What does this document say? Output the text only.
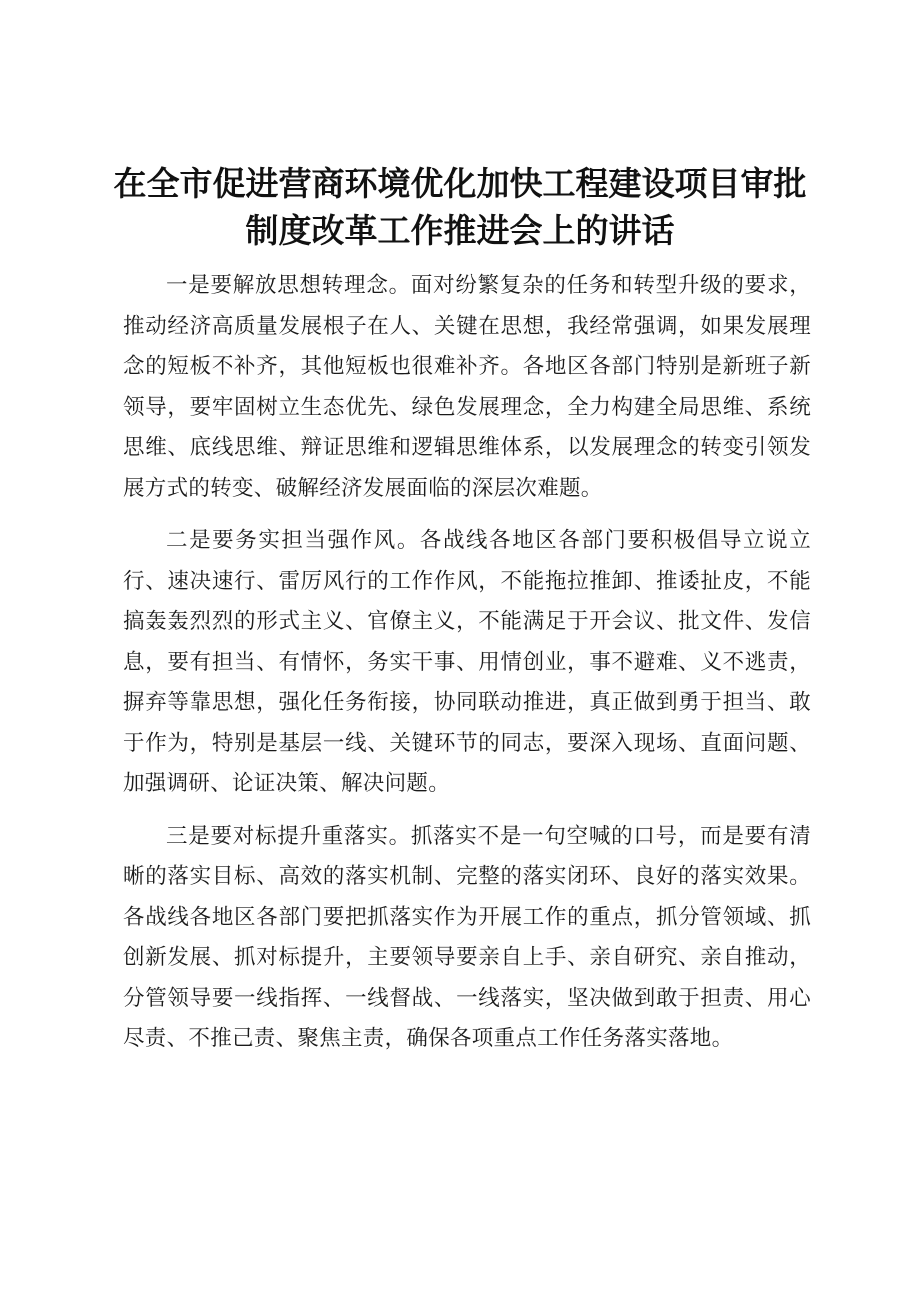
在全市促进营商环境优化加快工程建设项目审批制度改革工作推进会上的讲话

一是要解放思想转理念。面对纷繁复杂的任务和转型升级的要求，推动经济高质量发展根子在人、关键在思想，我经常强调，如果发展理念的短板不补齐，其他短板也很难补齐。各地区各部门特别是新班子新领导，要牢固树立生态优先、绿色发展理念，全力构建全局思维、系统思维、底线思维、辩证思维和逻辑思维体系，以发展理念的转变引领发展方式的转变、破解经济发展面临的深层次难题。

二是要务实担当强作风。各战线各地区各部门要积极倡导立说立行、速决速行、雷厉风行的工作作风，不能拖拉推卸、推诿扯皮，不能搞轰轰烈烈的形式主义、官僚主义，不能满足于开会议、批文件、发信息，要有担当、有情怀，务实干事、用情创业，事不避难、义不逃责，摒弃等靠思想，强化任务衔接，协同联动推进，真正做到勇于担当、敢于作为，特别是基层一线、关键环节的同志，要深入现场、直面问题、加强调研、论证决策、解决问题。

三是要对标提升重落实。抓落实不是一句空喊的口号，而是要有清晰的落实目标、高效的落实机制、完整的落实闭环、良好的落实效果。各战线各地区各部门要把抓落实作为开展工作的重点，抓分管领域、抓创新发展、抓对标提升，主要领导要亲自上手、亲自研究、亲自推动，分管领导要一线指挥、一线督战、一线落实，坚决做到敢于担责、用心尽责、不推己责、聚焦主责，确保各项重点工作任务落实落地。
